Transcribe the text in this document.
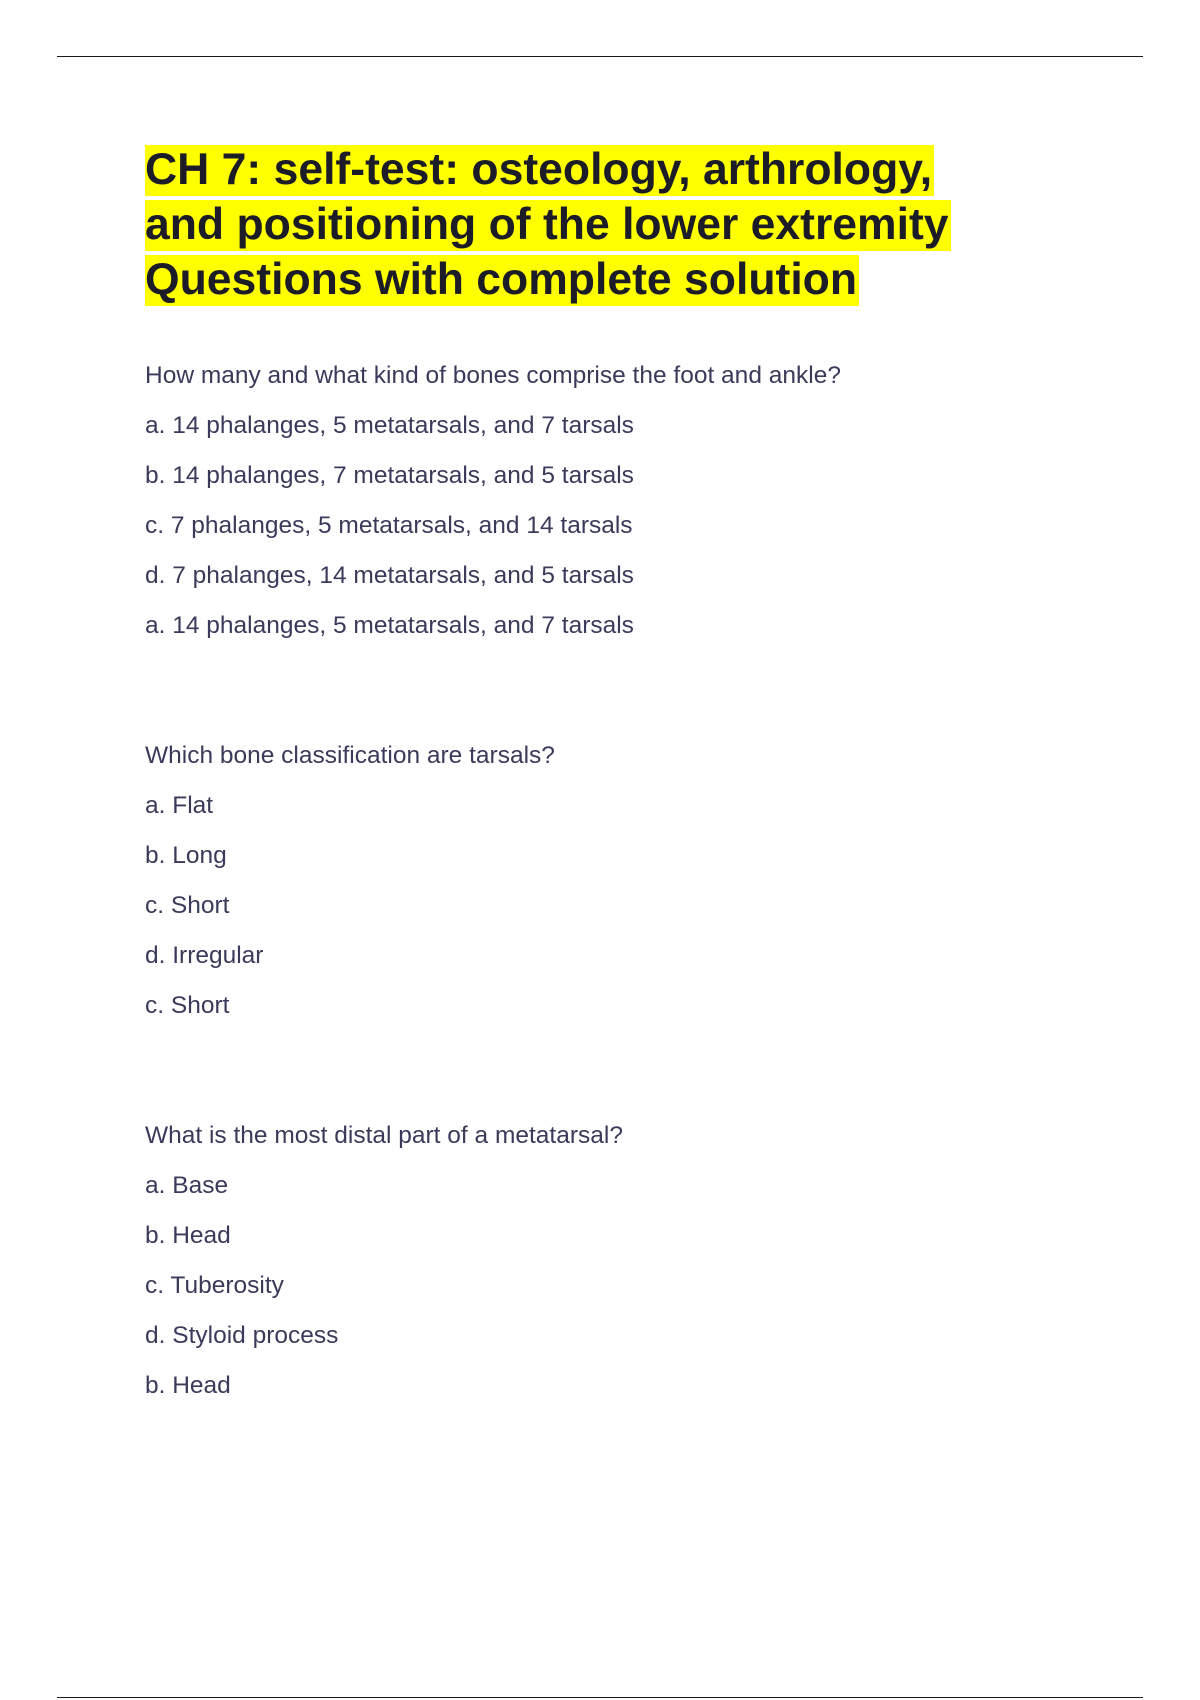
CH 7: self-test: osteology, arthrology,
and positioning of the lower extremity
Questions with complete solution

How many and what kind of bones comprise the foot and ankle?

a. 14 phalanges, 5 metatarsals, and 7 tarsals

b. 14 phalanges, 7 metatarsals, and 5 tarsals

c. 7 phalanges, 5 metatarsals, and 14 tarsals

d. 7 phalanges, 14 metatarsals, and 5 tarsals

a. 14 phalanges, 5 metatarsals, and 7 tarsals

Which bone classification are tarsals?

a. Flat

b. Long

c. Short

d. Irregular

c. Short

What is the most distal part of a metatarsal?

a. Base

b. Head

c. Tuberosity

d. Styloid process

b. Head
